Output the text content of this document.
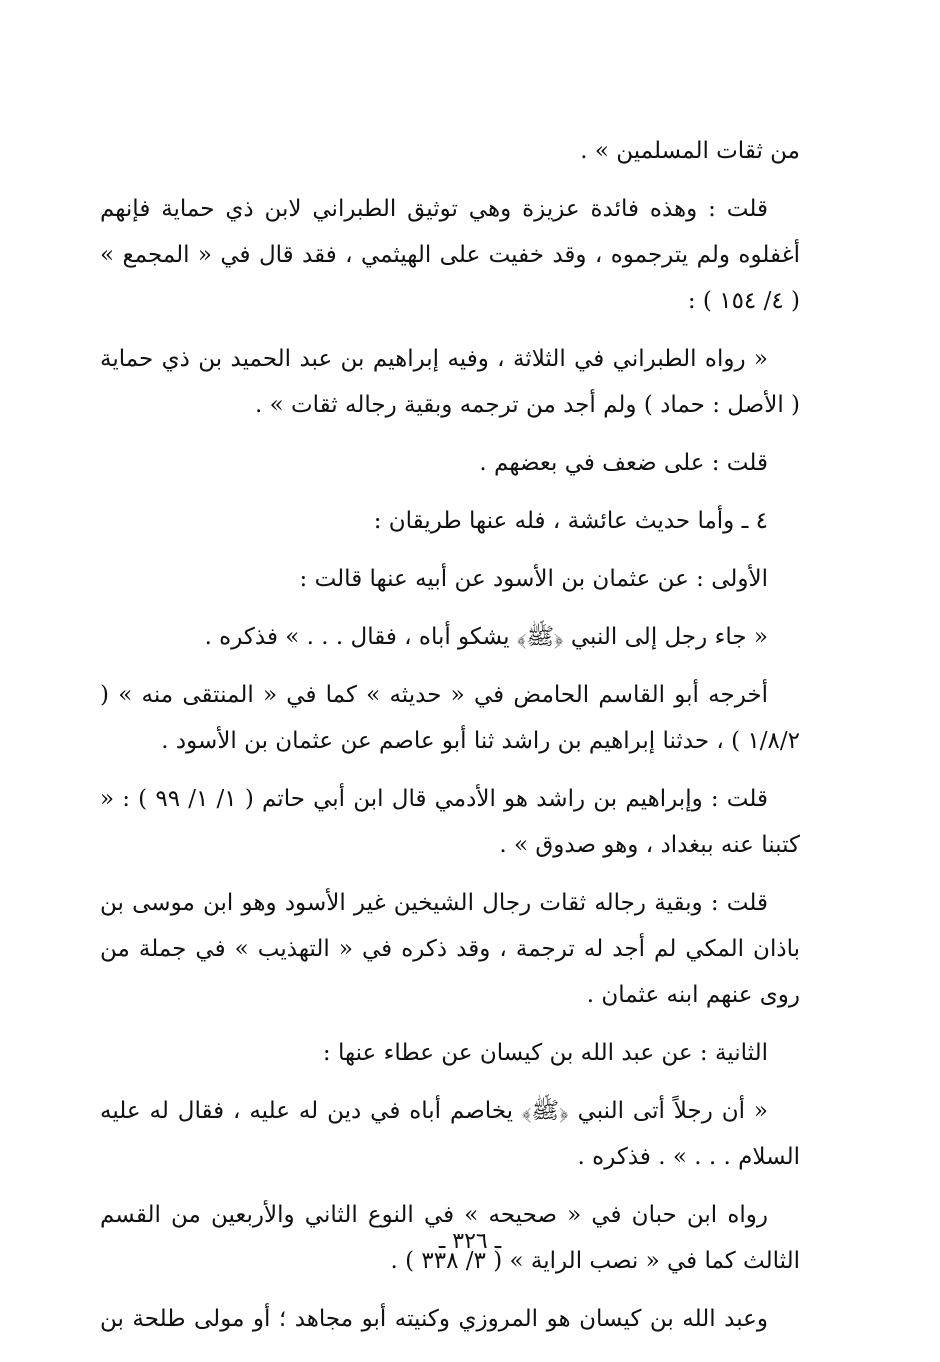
من ثقات المسلمين » .

قلت : وهذه فائدة عزيزة وهي توثيق الطبراني لابن ذي حماية فإنهم أغفلوه ولم يترجموه ، وقد خفيت على الهيثمي ، فقد قال في « المجمع » ( ٤/ ١٥٤ ) :

« رواه الطبراني في الثلاثة ، وفيه إبراهيم بن عبد الحميد بن ذي حماية ( الأصل : حماد ) ولم أجد من ترجمه وبقية رجاله ثقات » .

قلت : على ضعف في بعضهم .

٤ ـ وأما حديث عائشة ، فله عنها طريقان :

الأولى : عن عثمان بن الأسود عن أبيه عنها قالت :

« جاء رجل إلى النبي ﴿ﷺ﴾ يشكو أباه ، فقال . . . » فذكره .

أخرجه أبو القاسم الحامض في « حديثه » كما في « المنتقى منه » ( ١/٨/٢ ) ، حدثنا إبراهيم بن راشد ثنا أبو عاصم عن عثمان بن الأسود .

قلت : وإبراهيم بن راشد هو الأدمي قال ابن أبي حاتم ( ١/ ١/ ٩٩ ) : « كتبنا عنه ببغداد ، وهو صدوق » .

قلت : وبقية رجاله ثقات رجال الشيخين غير الأسود وهو ابن موسى بن باذان المكي لم أجد له ترجمة ، وقد ذكره في « التهذيب » في جملة من روى عنهم ابنه عثمان .

الثانية : عن عبد الله بن كيسان عن عطاء عنها :

« أن رجلاً أتى النبي ﴿ﷺ﴾ يخاصم أباه في دين له عليه ، فقال له عليه السلام . . . » . فذكره .

رواه ابن حبان في « صحيحه » في النوع الثاني والأربعين من القسم الثالث كما في « نصب الراية » ( ٣/ ٣٣٨ ) .

وعبد الله بن كيسان هو المروزي وكنيته أبو مجاهد ؛ أو مولى طلحة بن

ـ ٣٢٦ ـ
